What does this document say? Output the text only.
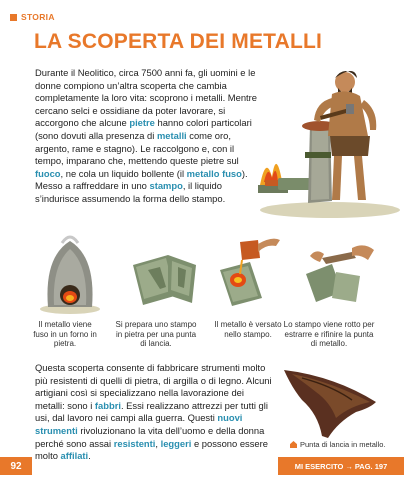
STORIA
LA SCOPERTA DEI METALLI
Durante il Neolitico, circa 7500 anni fa, gli uomini e le donne compiono un’altra scoperta che cambia completamente la loro vita: scoprono i metalli. Mentre cercano selci e ossidiane da poter lavorare, si accorgono che alcune pietre hanno colori particolari (sono dovuti alla presenza di metalli come oro, argento, rame e stagno). Le raccolgono e, con il tempo, imparano che, mettendo queste pietre sul fuoco, ne cola un liquido bollente (il metallo fuso). Messo a raffreddare in uno stampo, il liquido s’indurisce assumendo la forma dello stampo.
Il metallo viene fuso in un forno in pietra.
Si prepara uno stampo in pietra per una punta di lancia.
Il metallo è versato nello stampo.
Lo stampo viene rotto per estrarre e rifinire la punta di metallo.
Questa scoperta consente di fabbricare strumenti molto più resistenti di quelli di pietra, di argilla o di legno. Alcuni artigiani così si specializzano nella lavorazione dei metalli: sono i fabbri. Essi realizzano attrezzi per tutti gli usi, dal lavoro nei campi alla guerra. Questi nuovi strumenti rivoluzionano la vita dell’uomo e della donna perché sono assai resistenti, leggeri e possono essere molto affilati.
Punta di lancia in metallo.
92	MI ESERCITO → PAG. 197
